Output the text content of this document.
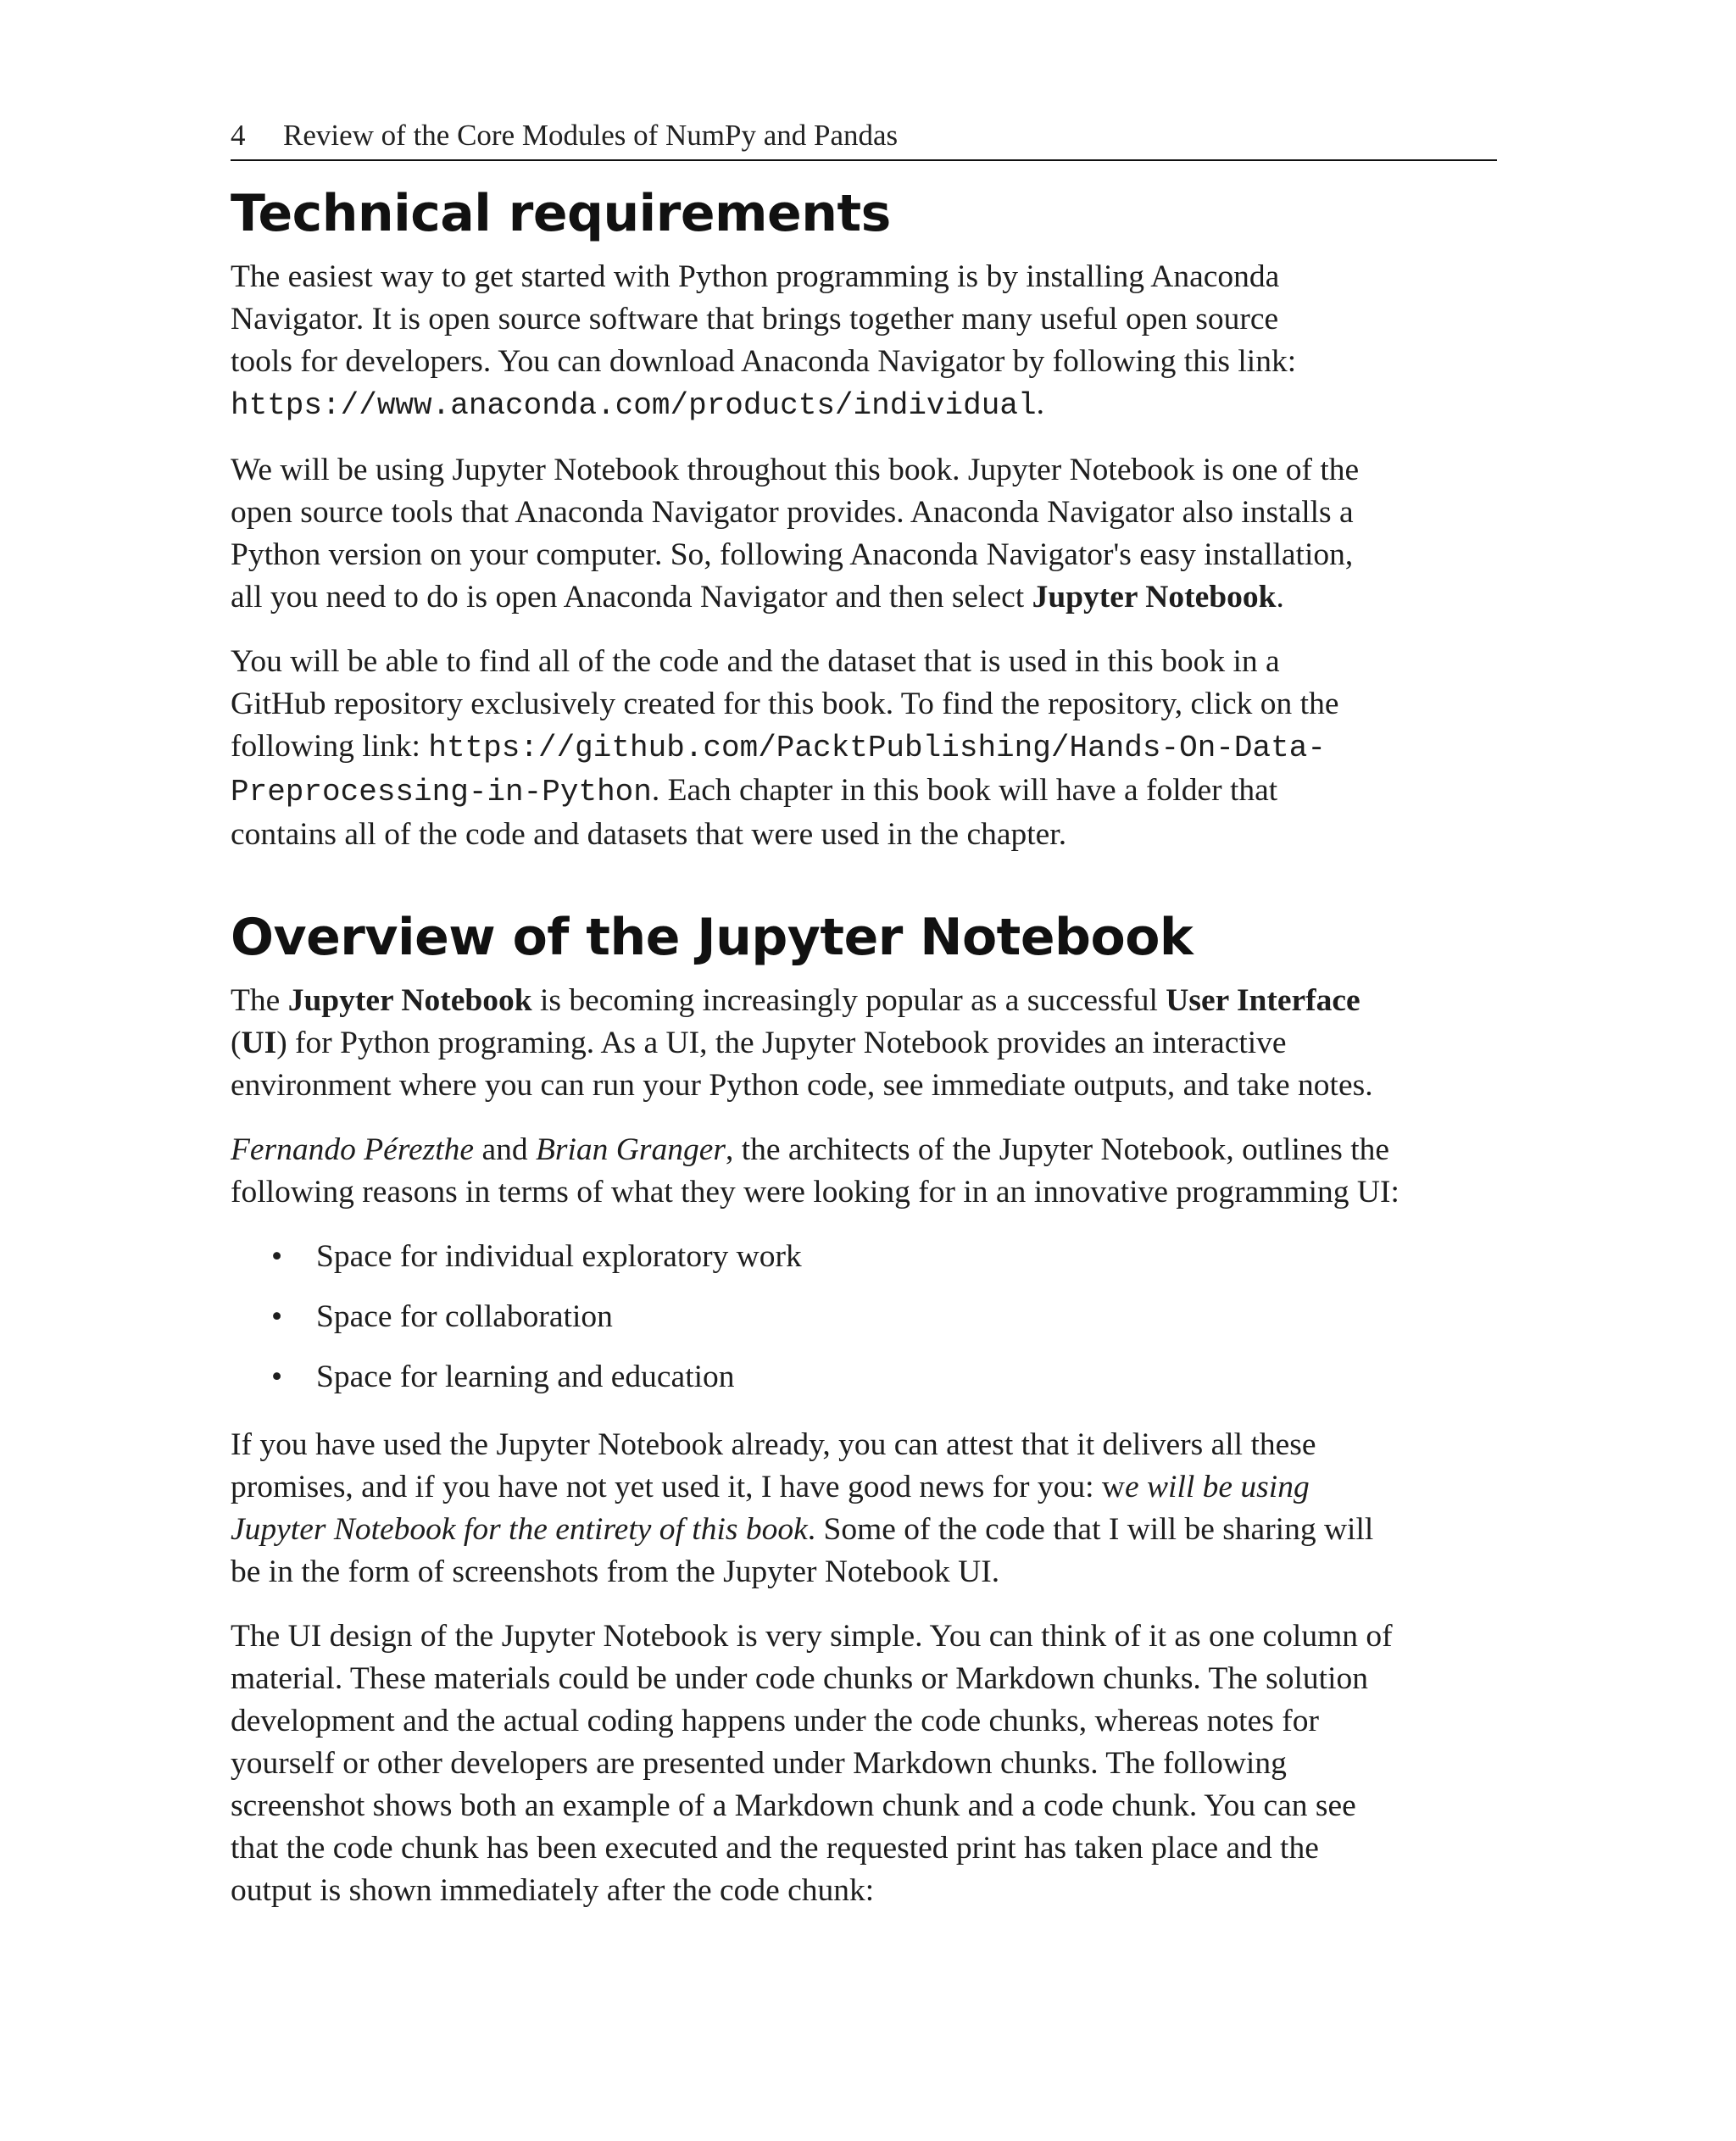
4 Review of the Core Modules of NumPy and Pandas
Technical requirements

The easiest way to get started with Python programming is by installing Anaconda
Navigator. It is open source software that brings together many useful open source
tools for developers. You can download Anaconda Navigator by following this link:
https://www.anaconda.com/products/individual.

We will be using Jupyter Notebook throughout this book. Jupyter Notebook is one of the
open source tools that Anaconda Navigator provides. Anaconda Navigator also installs a
Python version on your computer. So, following Anaconda Navigator's easy installation,
all you need to do is open Anaconda Navigator and then select Jupyter Notebook.

You will be able to find all of the code and the dataset that is used in this book in a
GitHub repository exclusively created for this book. To find the repository, click on the
following link: https://github.com/PacktPublishing/Hands-On-Data-
Preprocessing-in-Python. Each chapter in this book will have a folder that
contains all of the code and datasets that were used in the chapter.

Overview of the Jupyter Notebook

The Jupyter Notebook is becoming increasingly popular as a successful User Interface
(UI) for Python programing. As a UI, the Jupyter Notebook provides an interactive
environment where you can run your Python code, see immediate outputs, and take notes.

Fernando Pérezthe and Brian Granger, the architects of the Jupyter Notebook, outlines the
following reasons in terms of what they were looking for in an innovative programming UI:

• Space for individual exploratory work
• Space for collaboration
• Space for learning and education

If you have used the Jupyter Notebook already, you can attest that it delivers all these
promises, and if you have not yet used it, I have good news for you: we will be using
Jupyter Notebook for the entirety of this book. Some of the code that I will be sharing will
be in the form of screenshots from the Jupyter Notebook UI.

The UI design of the Jupyter Notebook is very simple. You can think of it as one column of
material. These materials could be under code chunks or Markdown chunks. The solution
development and the actual coding happens under the code chunks, whereas notes for
yourself or other developers are presented under Markdown chunks. The following
screenshot shows both an example of a Markdown chunk and a code chunk. You can see
that the code chunk has been executed and the requested print has taken place and the
output is shown immediately after the code chunk:
